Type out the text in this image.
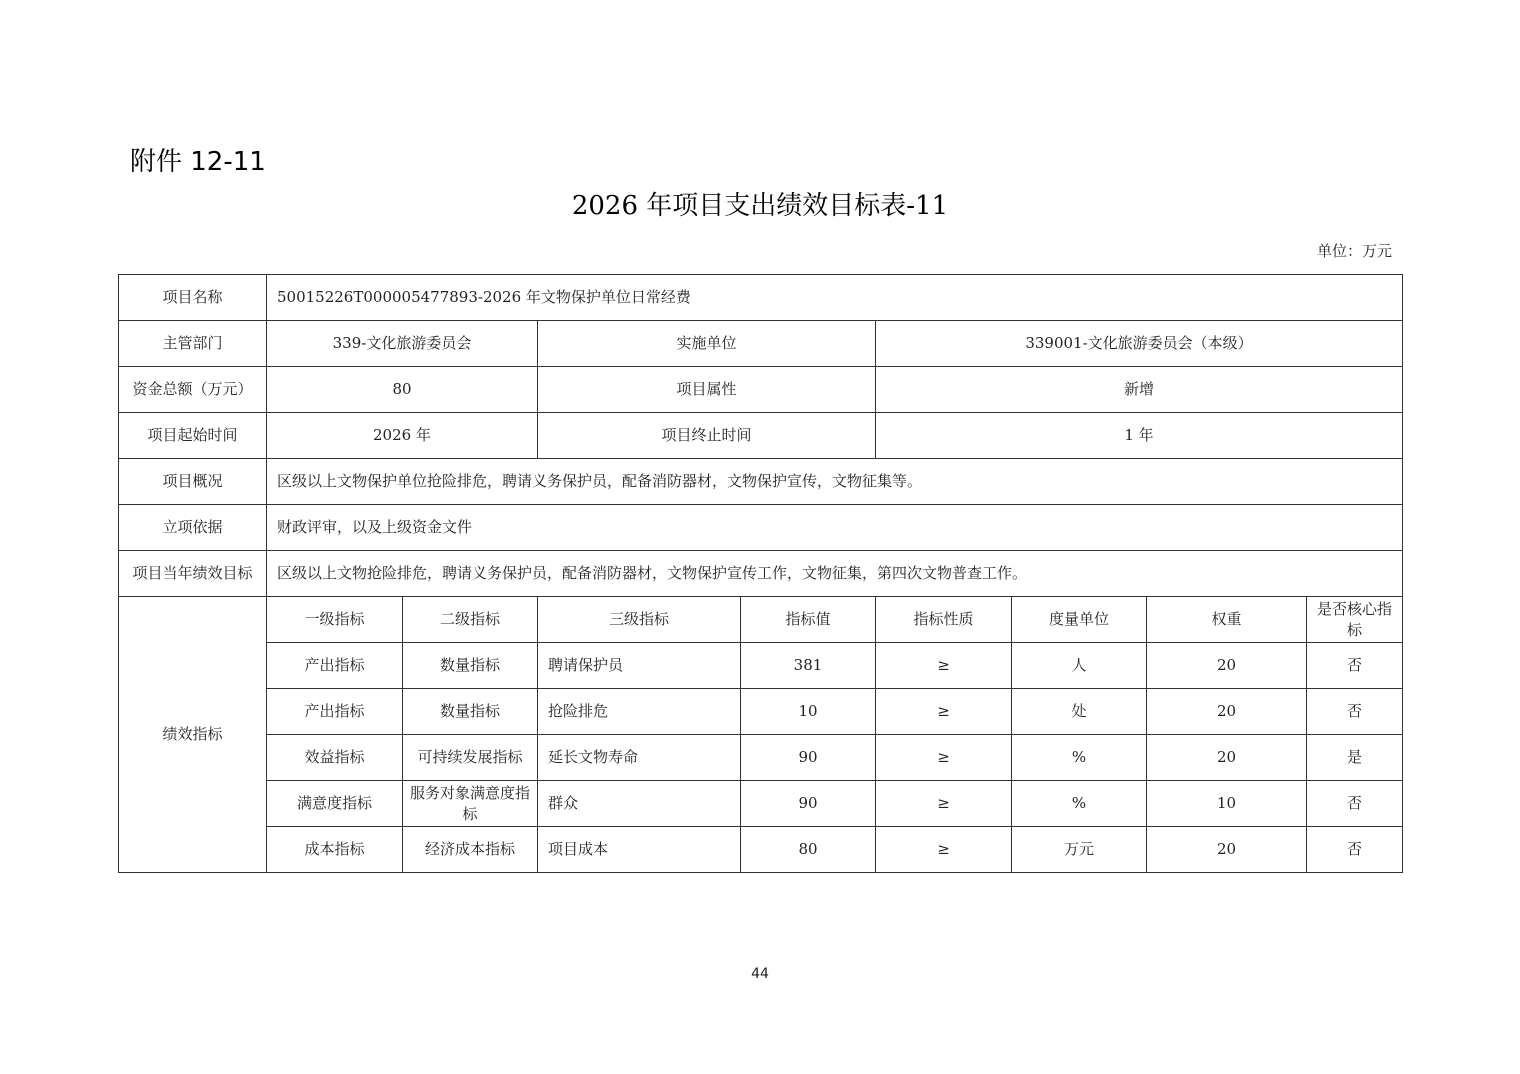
附件 12-11
2026 年项目支出绩效目标表-11
单位：万元
项目名称	50015226T000005477893-2026 年文物保护单位日常经费							
主管部门	339-文化旅游委员会		实施单位		339001-文化旅游委员会（本级）			
资金总额（万元）	80		项目属性		新增			
项目起始时间	2026 年		项目终止时间		1 年			
项目概况	区级以上文物保护单位抢险排危，聘请义务保护员，配备消防器材，文物保护宣传，文物征集等。							
立项依据	财政评审，以及上级资金文件							
项目当年绩效目标	区级以上文物抢险排危，聘请义务保护员，配备消防器材，文物保护宣传工作，文物征集，第四次文物普查工作。							
绩效指标	一级指标	二级指标	三级指标	指标值	指标性质	度量单位	权重	是否核心指标
	产出指标	数量指标	聘请保护员	381	≥	人	20	否
	产出指标	数量指标	抢险排危	10	≥	处	20	否
	效益指标	可持续发展指标	延长文物寿命	90	≥	%	20	是
	满意度指标	服务对象满意度指标	群众	90	≥	%	10	否
	成本指标	经济成本指标	项目成本	80	≥	万元	20	否
44
